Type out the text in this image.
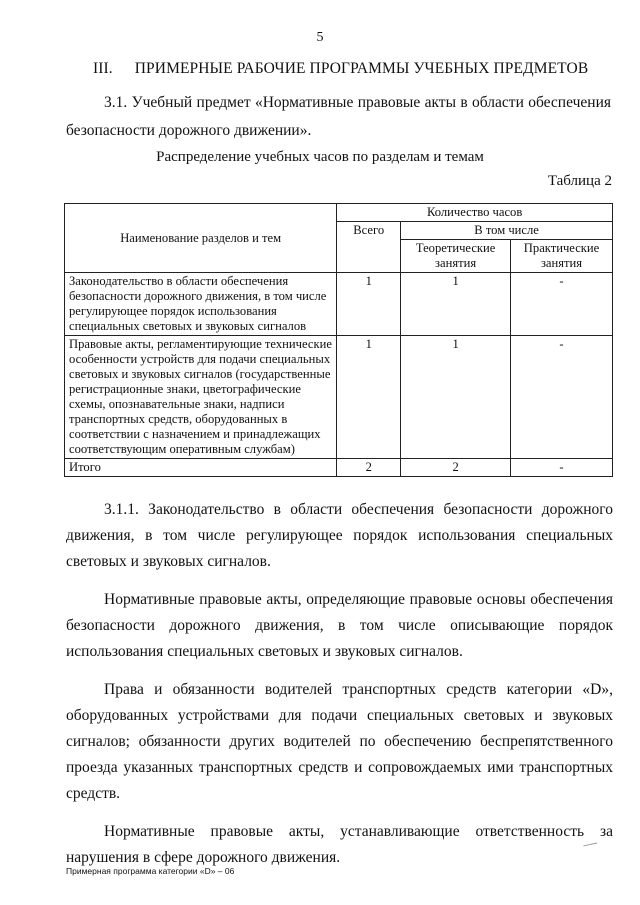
5
III. ПРИМЕРНЫЕ РАБОЧИЕ ПРОГРАММЫ УЧЕБНЫХ ПРЕДМЕТОВ

3.1. Учебный предмет «Нормативные правовые акты в области обеспечения безопасности дорожного движении».

Распределение учебных часов по разделам и темам
Таблица 2
Наименование разделов и тем	Количество часов		
	Всего	В том числе	
		Теоретические занятия	Практические занятия
Законодательство в области обеспечения безопасности дорожного движения, в том числе регулирующее порядок использования специальных световых и звуковых сигналов	1	1	-
Правовые акты, регламентирующие технические особенности устройств для подачи специальных световых и звуковых сигналов (государственные регистрационные знаки, цветографические схемы, опознавательные знаки, надписи транспортных средств, оборудованных в соответствии с назначением и принадлежащих соответствующим оперативным службам)	1	1	-
Итого	2	2	-

3.1.1. Законодательство в области обеспечения безопасности дорожного движения, в том числе регулирующее порядок использования специальных световых и звуковых сигналов.

Нормативные правовые акты, определяющие правовые основы обеспечения безопасности дорожного движения, в том числе описывающие порядок использования специальных световых и звуковых сигналов.

Права и обязанности водителей транспортных средств категории «D», оборудованных устройствами для подачи специальных световых и звуковых сигналов; обязанности других водителей по обеспечению беспрепятственного проезда указанных транспортных средств и сопровождаемых ими транспортных средств.

Нормативные правовые акты, устанавливающие ответственность за нарушения в сфере дорожного движения.

Примерная программа категории «D» – 06
